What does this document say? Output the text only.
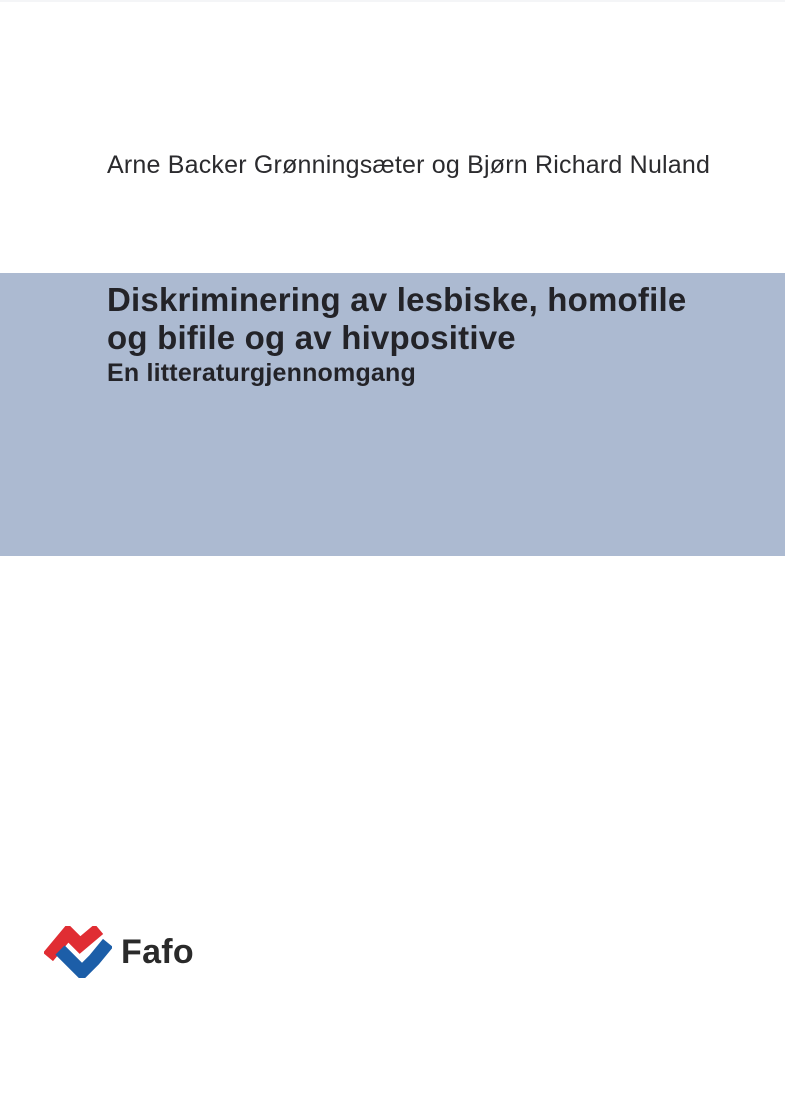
Arne Backer Grønningsæter og Bjørn Richard Nuland
Diskriminering av lesbiske, homofile
og bifile og av hivpositive
En litteraturgjennomgang
Fafo
